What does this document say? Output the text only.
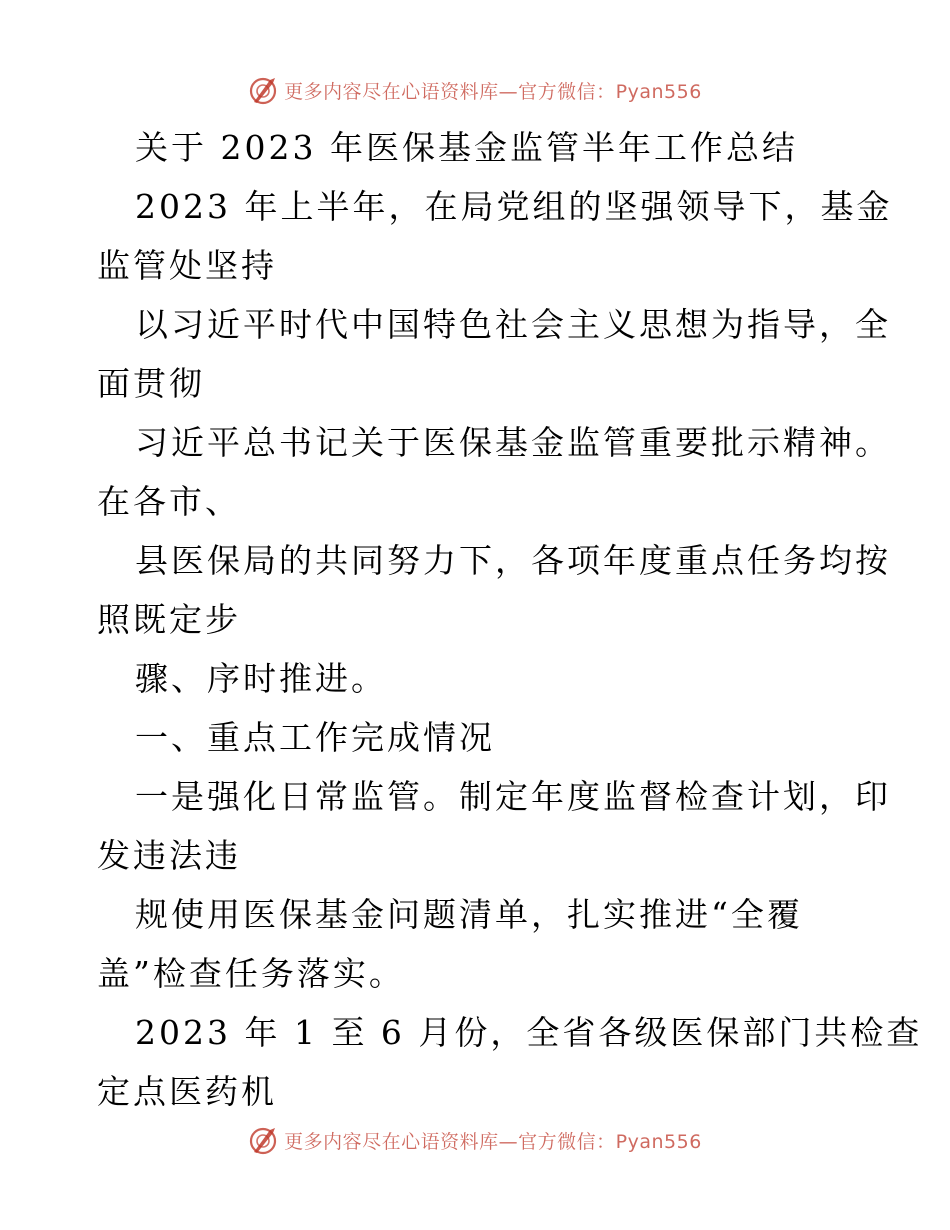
更多内容尽在心语资料库—官方微信：Pyan556
关于 2023 年医保基金监管半年工作总结
2023 年上半年，在局党组的坚强领导下，基金
监管处坚持
以习近平时代中国特色社会主义思想为指导，全
面贯彻
习近平总书记关于医保基金监管重要批示精神。
在各市、
县医保局的共同努力下，各项年度重点任务均按
照既定步
骤、序时推进。
一、重点工作完成情况
一是强化日常监管。制定年度监督检查计划，印
发违法违
规使用医保基金问题清单，扎实推进“全覆
盖”检查任务落实。
2023 年 1 至 6 月份，全省各级医保部门共检查
定点医药机
更多内容尽在心语资料库—官方微信：Pyan556
